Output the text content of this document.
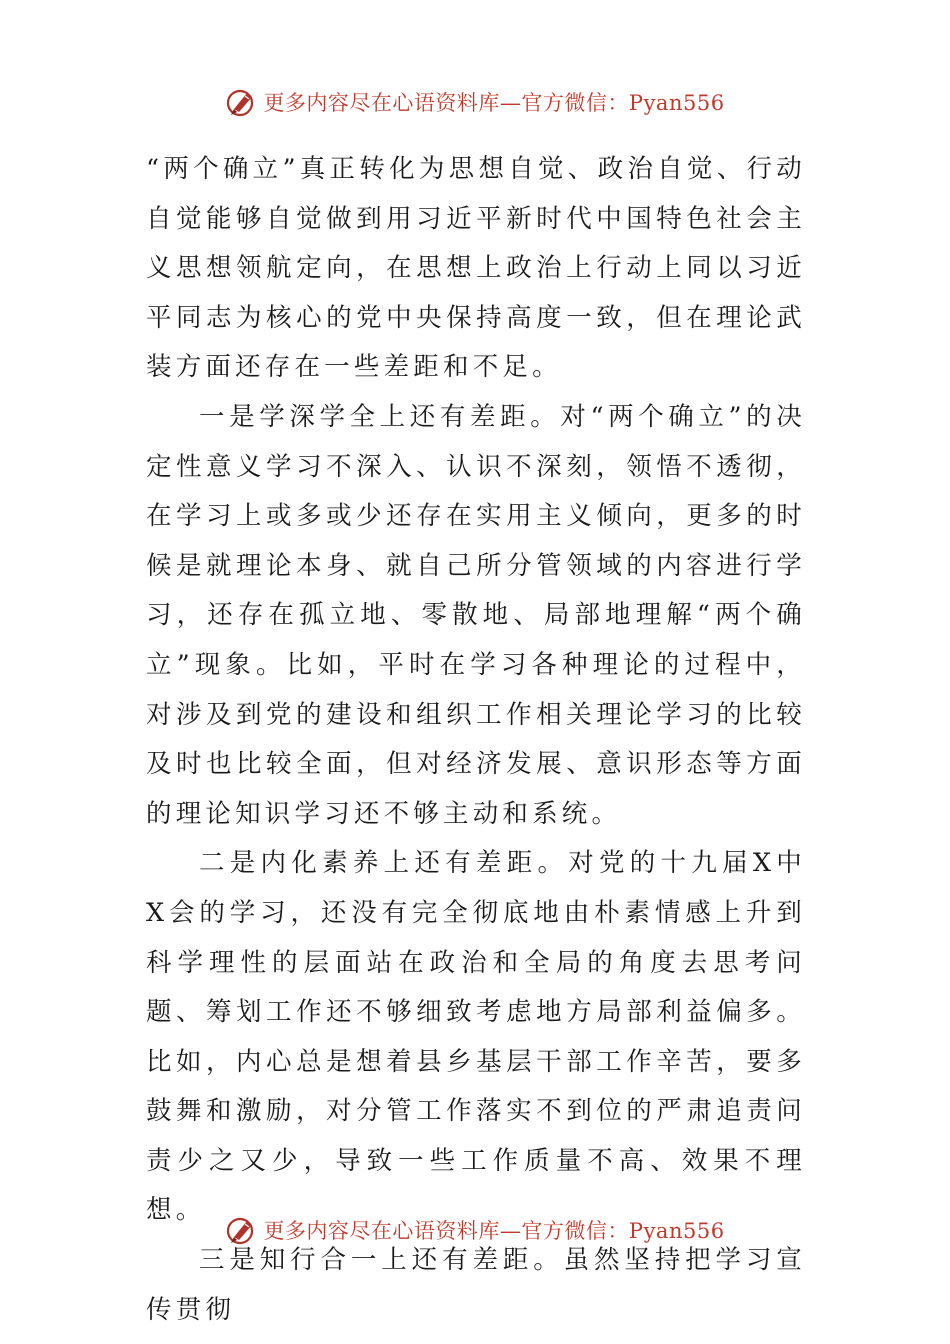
更多内容尽在心语资料库—官方微信：Pyan556

“两个确立”真正转化为思想自觉、政治自觉、行动自觉能够自觉做到用习近平新时代中国特色社会主义思想领航定向，在思想上政治上行动上同以习近平同志为核心的党中央保持高度一致，但在理论武装方面还存在一些差距和不足。

一是学深学全上还有差距。对“两个确立”的决定性意义学习不深入、认识不深刻，领悟不透彻，在学习上或多或少还存在实用主义倾向，更多的时候是就理论本身、就自己所分管领域的内容进行学习，还存在孤立地、零散地、局部地理解“两个确立”现象。比如，平时在学习各种理论的过程中，对涉及到党的建设和组织工作相关理论学习的比较及时也比较全面，但对经济发展、意识形态等方面的理论知识学习还不够主动和系统。

二是内化素养上还有差距。对党的十九届X中X会的学习，还没有完全彻底地由朴素情感上升到科学理性的层面站在政治和全局的角度去思考问题、筹划工作还不够细致考虑地方局部利益偏多。比如，内心总是想着县乡基层干部工作辛苦，要多鼓舞和激励，对分管工作落实不到位的严肃追责问责少之又少，导致一些工作质量不高、效果不理想。

三是知行合一上还有差距。虽然坚持把学习宣传贯彻

更多内容尽在心语资料库—官方微信：Pyan556
